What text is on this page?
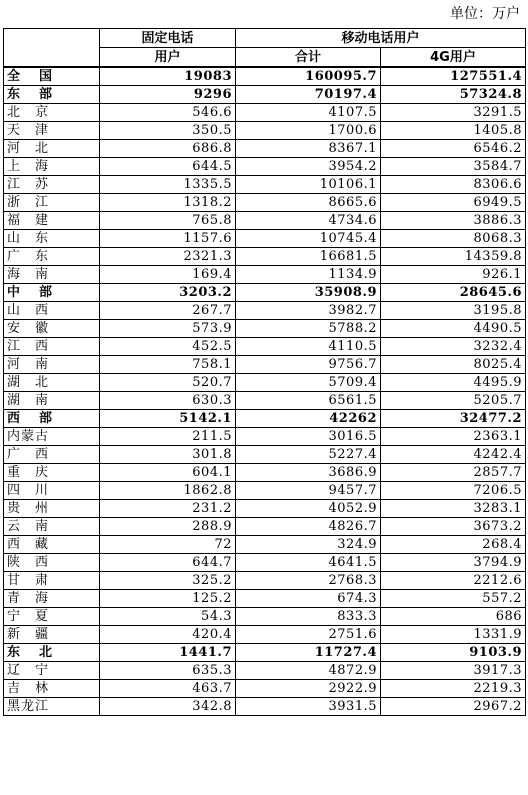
单位：万户
	固定电话	移动电话用户	
	用户	合计	4G用户
全　国	19083	160095.7	127551.4
东　部	9296	70197.4	57324.8
北　京	546.6	4107.5	3291.5
天　津	350.5	1700.6	1405.8
河　北	686.8	8367.1	6546.2
上　海	644.5	3954.2	3584.7
江　苏	1335.5	10106.1	8306.6
浙　江	1318.2	8665.6	6949.5
福　建	765.8	4734.6	3886.3
山　东	1157.6	10745.4	8068.3
广　东	2321.3	16681.5	14359.8
海　南	169.4	1134.9	926.1
中　部	3203.2	35908.9	28645.6
山　西	267.7	3982.7	3195.8
安　徽	573.9	5788.2	4490.5
江　西	452.5	4110.5	3232.4
河　南	758.1	9756.7	8025.4
湖　北	520.7	5709.4	4495.9
湖　南	630.3	6561.5	5205.7
西　部	5142.1	42262	32477.2
内蒙古	211.5	3016.5	2363.1
广　西	301.8	5227.4	4242.4
重　庆	604.1	3686.9	2857.7
四　川	1862.8	9457.7	7206.5
贵　州	231.2	4052.9	3283.1
云　南	288.9	4826.7	3673.2
西　藏	72	324.9	268.4
陕　西	644.7	4641.5	3794.9
甘　肃	325.2	2768.3	2212.6
青　海	125.2	674.3	557.2
宁　夏	54.3	833.3	686
新　疆	420.4	2751.6	1331.9
东　北	1441.7	11727.4	9103.9
辽　宁	635.3	4872.9	3917.3
吉　林	463.7	2922.9	2219.3
黑龙江	342.8	3931.5	2967.2
